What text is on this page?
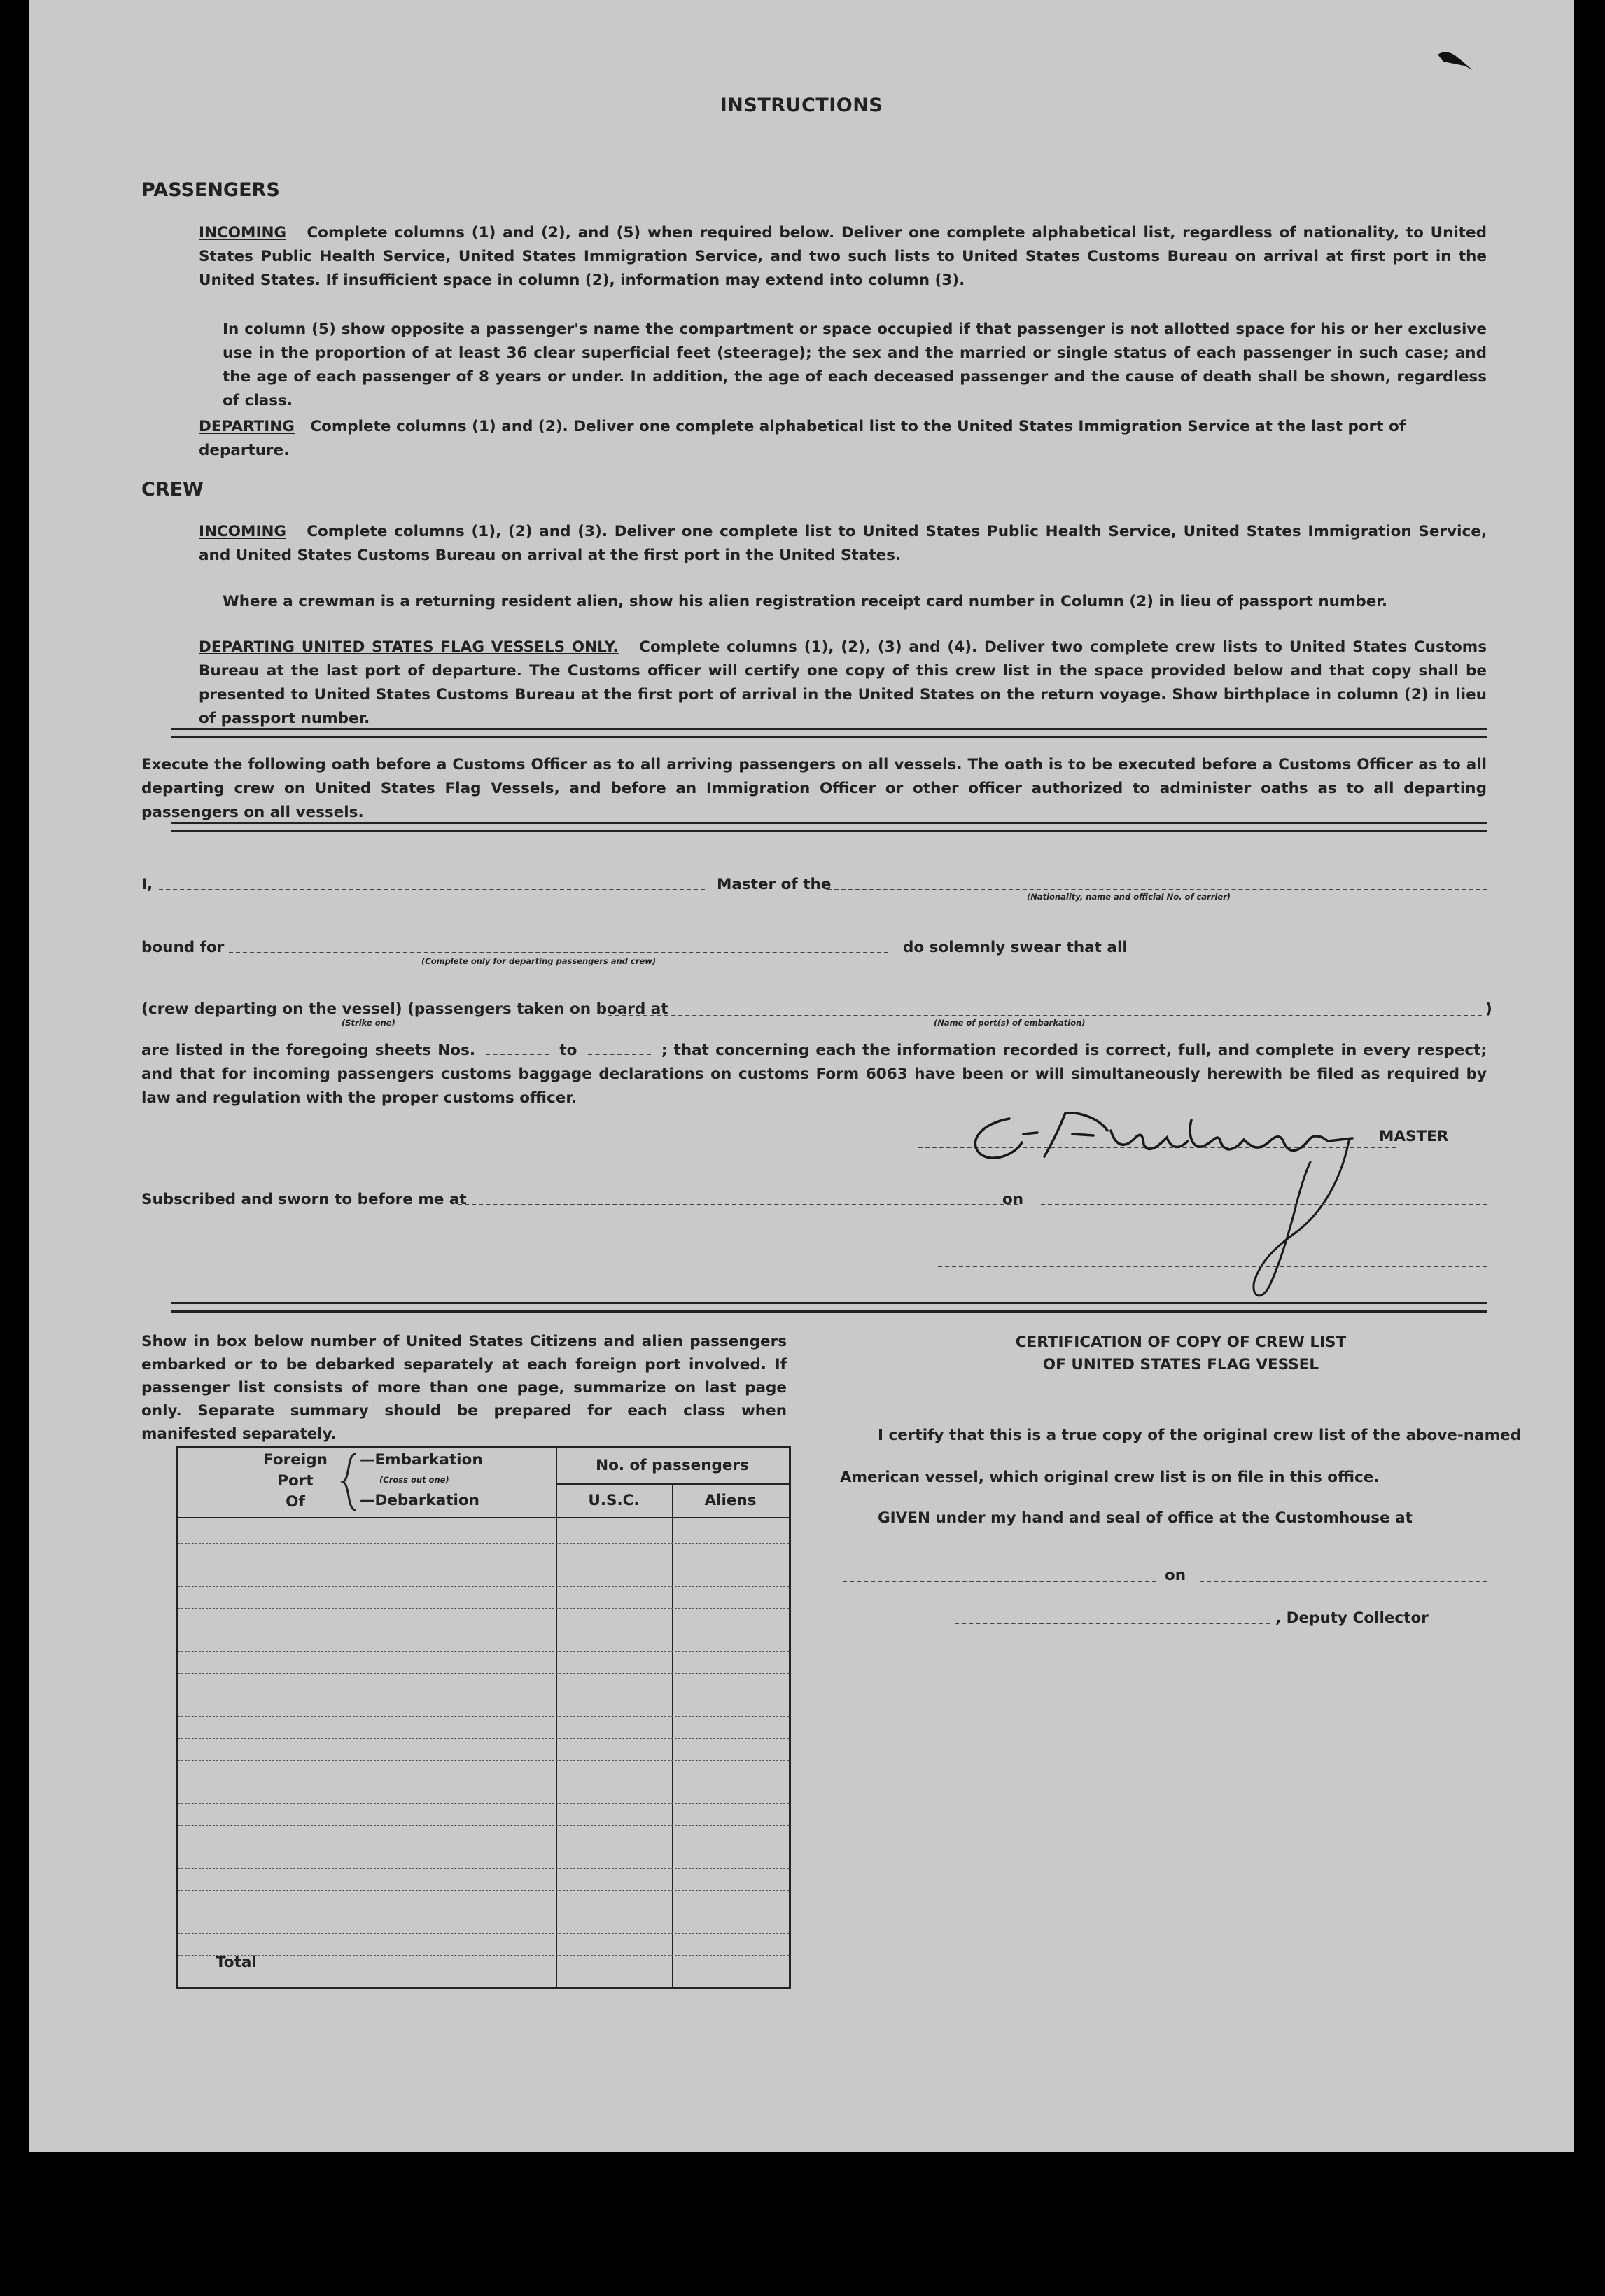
INSTRUCTIONS
PASSENGERS
INCOMING Complete columns (1) and (2), and (5) when required below. Deliver one complete alphabetical list, regardless of nationality, to United States Public Health Service, United States Immigration Service, and two such lists to United States Customs Bureau on arrival at first port in the United States. If insufficient space in column (2), information may extend into column (3).
In column (5) show opposite a passenger's name the compartment or space occupied if that passenger is not allotted space for his or her exclusive use in the proportion of at least 36 clear superficial feet (steerage); the sex and the married or single status of each passenger in such case; and the age of each passenger of 8 years or under. In addition, the age of each deceased passenger and the cause of death shall be shown, regardless of class.
DEPARTING Complete columns (1) and (2). Deliver one complete alphabetical list to the United States Immigration Service at the last port of departure.
CREW
INCOMING Complete columns (1), (2) and (3). Deliver one complete list to United States Public Health Service, United States Immigration Service, and United States Customs Bureau on arrival at the first port in the United States.
Where a crewman is a returning resident alien, show his alien registration receipt card number in Column (2) in lieu of passport number.
DEPARTING UNITED STATES FLAG VESSELS ONLY. Complete columns (1), (2), (3) and (4). Deliver two complete crew lists to United States Customs Bureau at the last port of departure. The Customs officer will certify one copy of this crew list in the space provided below and that copy shall be presented to United States Customs Bureau at the first port of arrival in the United States on the return voyage. Show birthplace in column (2) in lieu of passport number.
Execute the following oath before a Customs Officer as to all arriving passengers on all vessels. The oath is to be executed before a Customs Officer as to all departing crew on United States Flag Vessels, and before an Immigration Officer or other officer authorized to administer oaths as to all departing passengers on all vessels.
I,	Master of the
(Nationality, name and official No. of carrier)
bound for
(Complete only for departing passengers and crew)
do solemnly swear that all
(crew departing on the vessel) (passengers taken on board at	)
(Strike one)	(Name of port(s) of embarkation)
are listed in the foregoing sheets Nos.	to	; that concerning each the information recorded is correct, full, and complete in every respect; and that for incoming passengers customs baggage declarations on customs Form 6063 have been or will simultaneously herewith be filed as required by law and regulation with the proper customs officer.
MASTER
Subscribed and sworn to before me at	on
Show in box below number of United States Citizens and alien passengers embarked or to be debarked separately at each foreign port involved. If passenger list consists of more than one page, summarize on last page only. Separate summary should be prepared for each class when manifested separately.
Foreign
Port
Of
—Embarkation
(Cross out one)
—Debarkation
No. of passengers
U.S.C.	Aliens
Total
CERTIFICATION OF COPY OF CREW LIST
OF UNITED STATES FLAG VESSEL
I certify that this is a true copy of the original crew list of the above-named
American vessel, which original crew list is on file in this office.
GIVEN under my hand and seal of office at the Customhouse at
on
, Deputy Collector
